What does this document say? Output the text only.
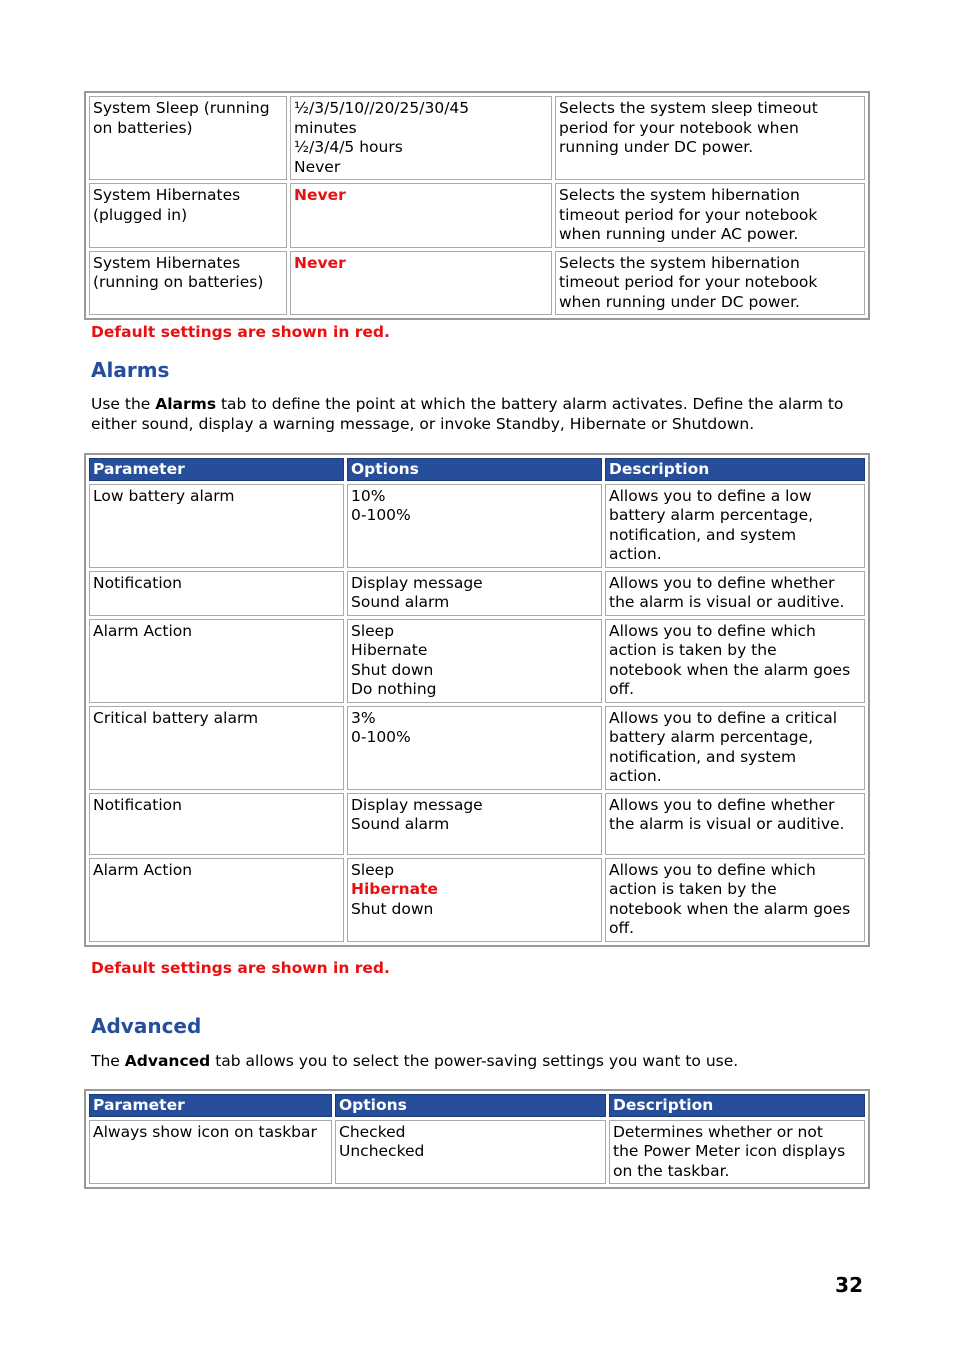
System Sleep (running
on batteries)	½/3/5/10//20/25/30/45
minutes
½/3/4/5 hours
Never	Selects the system sleep timeout
period for your notebook when
running under DC power.

System Hibernates
(plugged in)	Never	Selects the system hibernation
timeout period for your notebook
when running under AC power.

System Hibernates
(running on batteries)	Never	Selects the system hibernation
timeout period for your notebook
when running under DC power.
Default settings are shown in red.
Alarms
Use the Alarms tab to define the point at which the battery alarm activates. Define the alarm to either sound, display a warning message, or invoke Standby, Hibernate or Shutdown.
Parameter	Options	Description

Low battery alarm	10%
0-100%	Allows you to define a low
battery alarm percentage,
notification, and system
action.

Notification	Display message
Sound alarm	Allows you to define whether
the alarm is visual or auditive.

Alarm Action	Sleep
Hibernate
Shut down
Do nothing	Allows you to define which
action is taken by the
notebook when the alarm goes
off.

Critical battery alarm	3%
0-100%	Allows you to define a critical
battery alarm percentage,
notification, and system
action.

Notification	Display message
Sound alarm	Allows you to define whether
the alarm is visual or auditive.

Alarm Action	Sleep
Hibernate
Shut down	Allows you to define which
action is taken by the
notebook when the alarm goes
off.
Default settings are shown in red.
Advanced
The Advanced tab allows you to select the power-saving settings you want to use.
Parameter	Options	Description

Always show icon on taskbar	Checked
Unchecked	Determines whether or not
the Power Meter icon displays
on the taskbar.
32
